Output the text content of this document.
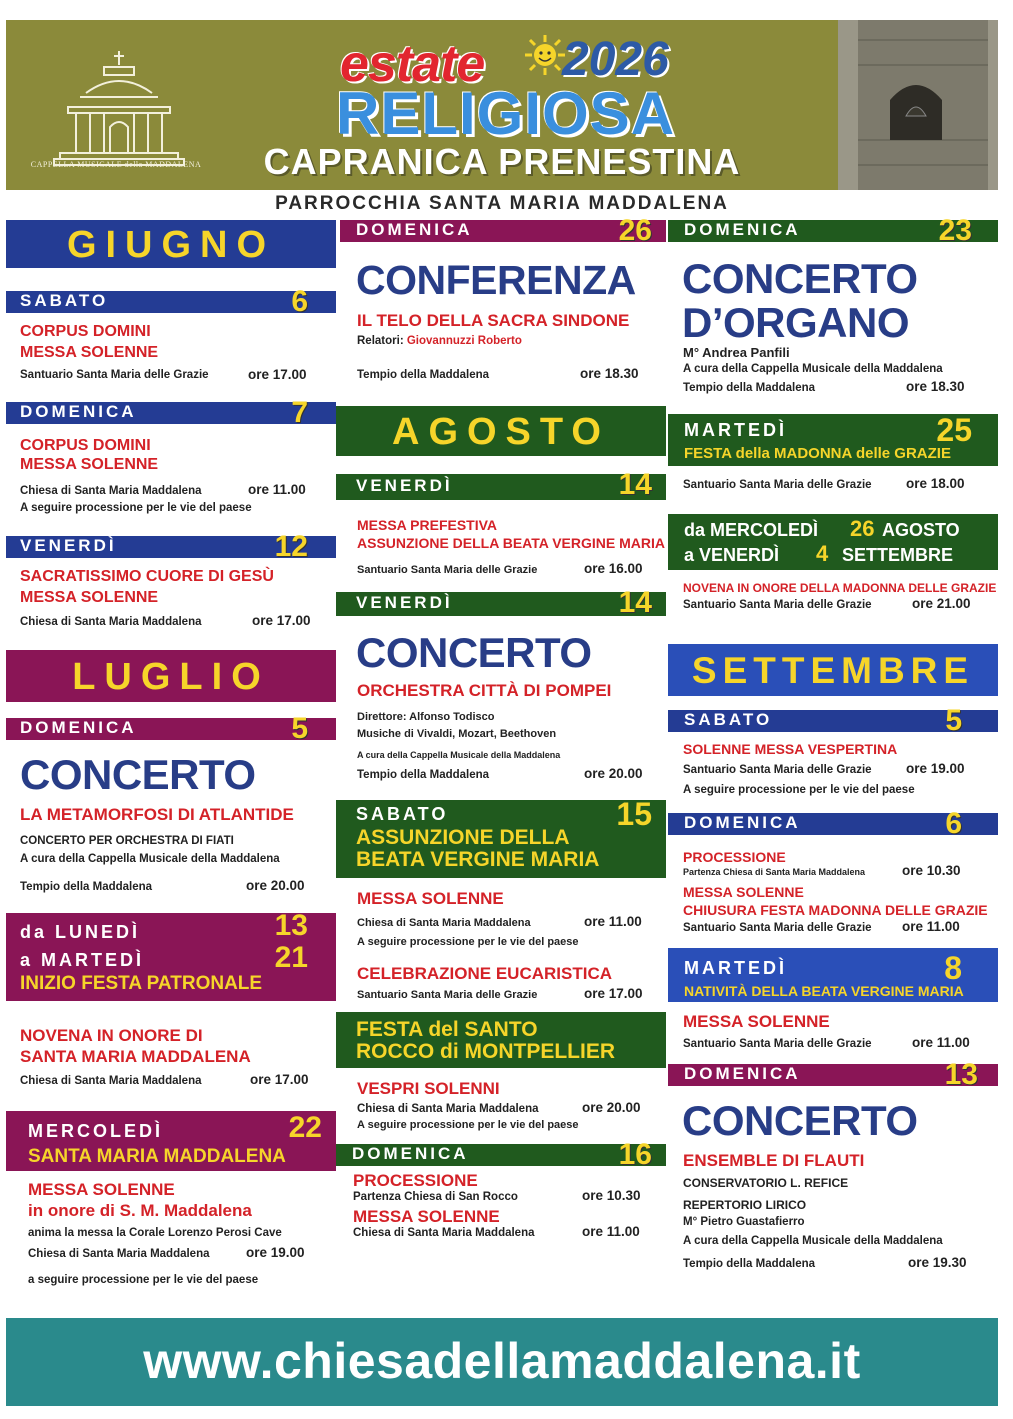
CAPPELLA MUSICALE della MADDALENA
estate 2026
RELIGIOSA
CAPRANICA PRENESTINA
PARROCCHIA SANTA MARIA MADDALENA
GIUGNO
SABATO	6
CORPUS DOMINI
MESSA SOLENNE
Santuario Santa Maria delle Grazie	ore 17.00
DOMENICA	7
CORPUS DOMINI
MESSA SOLENNE
Chiesa di Santa Maria Maddalena	ore 11.00
A seguire processione per le vie del paese
VENERDÌ	12
SACRATISSIMO CUORE DI GESÙ
MESSA SOLENNE
Chiesa di Santa Maria Maddalena	ore 17.00
LUGLIO
DOMENICA	5
CONCERTO
LA METAMORFOSI DI ATLANTIDE
CONCERTO PER ORCHESTRA DI FIATI
A cura della Cappella Musicale della Maddalena
Tempio della Maddalena	ore 20.00
da LUNEDÌ	13
a MARTEDÌ	21
INIZIO FESTA PATRONALE
NOVENA IN ONORE DI
SANTA MARIA MADDALENA
Chiesa di Santa Maria Maddalena	ore 17.00
MERCOLEDÌ	22
SANTA MARIA MADDALENA
MESSA SOLENNE
in onore di S. M. Maddalena
anima la messa la Corale Lorenzo Perosi Cave
Chiesa di Santa Maria Maddalena	ore 19.00
a seguire processione per le vie del paese
DOMENICA	26
CONFERENZA
IL TELO DELLA SACRA SINDONE
Relatori: Giovannuzzi Roberto
Tempio della Maddalena	ore 18.30
AGOSTO
VENERDÌ	14
MESSA PREFESTIVA
ASSUNZIONE DELLA BEATA VERGINE MARIA
Santuario Santa Maria delle Grazie	ore 16.00
VENERDÌ	14
CONCERTO
ORCHESTRA CITTÀ DI POMPEI
Direttore: Alfonso Todisco
Musiche di Vivaldi, Mozart, Beethoven
A cura della Cappella Musicale della Maddalena
Tempio della Maddalena	ore 20.00
SABATO	15
ASSUNZIONE DELLA
BEATA VERGINE MARIA
MESSA SOLENNE
Chiesa di Santa Maria Maddalena	ore 11.00
A seguire processione per le vie del paese
CELEBRAZIONE EUCARISTICA
Santuario Santa Maria delle Grazie	ore 17.00
FESTA del SANTO
ROCCO di MONTPELLIER
VESPRI SOLENNI
Chiesa di Santa Maria Maddalena	ore 20.00
A seguire processione per le vie del paese
DOMENICA	16
PROCESSIONE
Partenza Chiesa di San Rocco	ore 10.30
MESSA SOLENNE
Chiesa di Santa Maria Maddalena	ore 11.00
DOMENICA	23
CONCERTO
D’ORGANO
M° Andrea Panfili
A cura della Cappella Musicale della Maddalena
Tempio della Maddalena	ore 18.30
MARTEDÌ	25
FESTA della MADONNA delle GRAZIE
Santuario Santa Maria delle Grazie	ore 18.00
da MERCOLEDÌ 26 AGOSTO
a VENERDÌ 4 SETTEMBRE
NOVENA IN ONORE DELLA MADONNA DELLE GRAZIE
Santuario Santa Maria delle Grazie	ore 21.00
SETTEMBRE
SABATO	5
SOLENNE MESSA VESPERTINA
Santuario Santa Maria delle Grazie	ore 19.00
A seguire processione per le vie del paese
DOMENICA	6
PROCESSIONE
Partenza Chiesa di Santa Maria Maddalena	ore 10.30
MESSA SOLENNE
CHIUSURA FESTA MADONNA DELLE GRAZIE
Santuario Santa Maria delle Grazie ore 11.00
MARTEDÌ	8
NATIVITÀ DELLA BEATA VERGINE MARIA
MESSA SOLENNE
Santuario Santa Maria delle Grazie	ore 11.00
DOMENICA	13
CONCERTO
ENSEMBLE DI FLAUTI
CONSERVATORIO L. REFICE
REPERTORIO LIRICO
M° Pietro Guastafierro
A cura della Cappella Musicale della Maddalena
Tempio della Maddalena	ore 19.30
www.chiesadellamaddalena.it
